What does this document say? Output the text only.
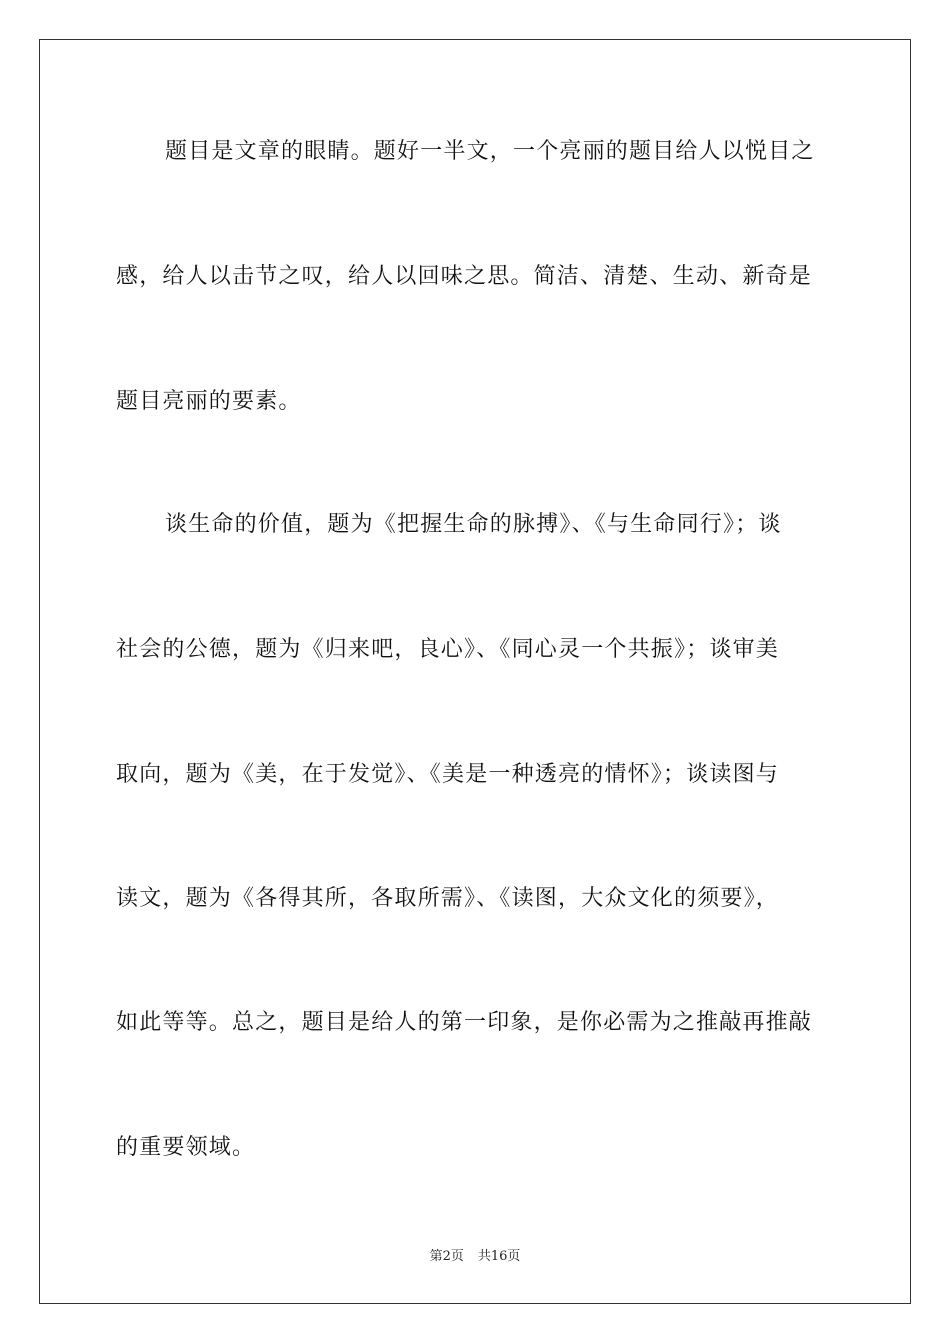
题目是文章的眼睛。题好一半文，一个亮丽的题目给人以悦目之
感，给人以击节之叹，给人以回味之思。简洁、清楚、生动、新奇是
题目亮丽的要素。
谈生命的价值，题为《把握生命的脉搏》、《与生命同行》；谈
社会的公德，题为《归来吧，良心》、《同心灵一个共振》；谈审美
取向，题为《美，在于发觉》、《美是一种透亮的情怀》；谈读图与
读文，题为《各得其所，各取所需》、《读图，大众文化的须要》，
如此等等。总之，题目是给人的第一印象，是你必需为之推敲再推敲
的重要领域。
第2页 共16页
